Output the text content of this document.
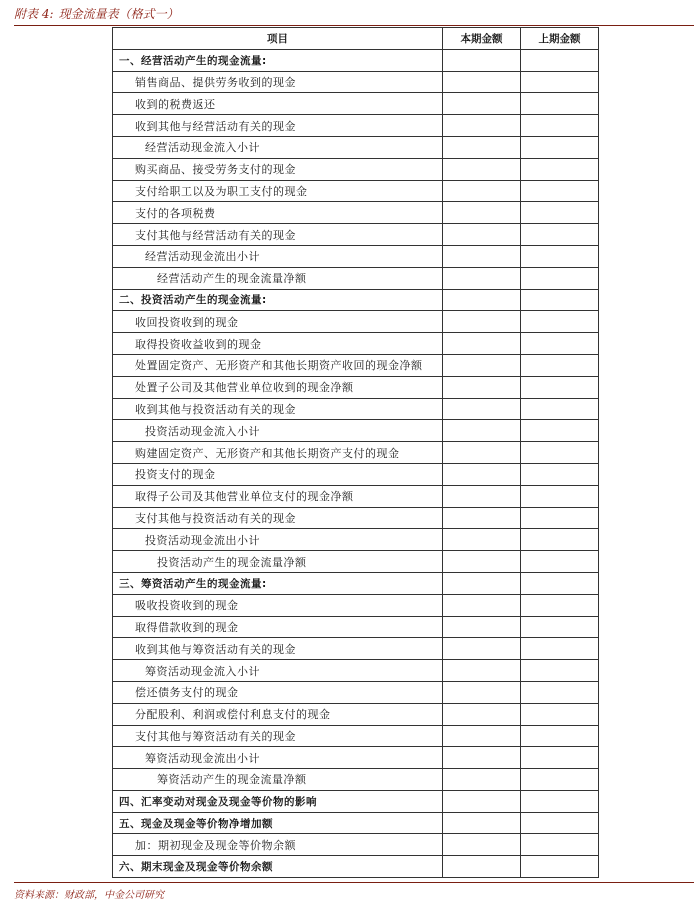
附表 4: 现金流量表（格式一）
项目	本期金额	上期金额
一、经营活动产生的现金流量:		
销售商品、提供劳务收到的现金		
收到的税费返还		
收到其他与经营活动有关的现金		
经营活动现金流入小计		
购买商品、接受劳务支付的现金		
支付给职工以及为职工支付的现金		
支付的各项税费		
支付其他与经营活动有关的现金		
经营活动现金流出小计		
经营活动产生的现金流量净额		
二、投资活动产生的现金流量:		
收回投资收到的现金		
取得投资收益收到的现金		
处置固定资产、无形资产和其他长期资产收回的现金净额		
处置子公司及其他营业单位收到的现金净额		
收到其他与投资活动有关的现金		
投资活动现金流入小计		
购建固定资产、无形资产和其他长期资产支付的现金		
投资支付的现金		
取得子公司及其他营业单位支付的现金净额		
支付其他与投资活动有关的现金		
投资活动现金流出小计		
投资活动产生的现金流量净额		
三、筹资活动产生的现金流量:		
吸收投资收到的现金		
取得借款收到的现金		
收到其他与筹资活动有关的现金		
筹资活动现金流入小计		
偿还债务支付的现金		
分配股利、利润或偿付利息支付的现金		
支付其他与筹资活动有关的现金		
筹资活动现金流出小计		
筹资活动产生的现金流量净额		
四、汇率变动对现金及现金等价物的影响		
五、现金及现金等价物净增加额		
加：期初现金及现金等价物余额		
六、期末现金及现金等价物余额		
资料来源：财政部，中金公司研究
